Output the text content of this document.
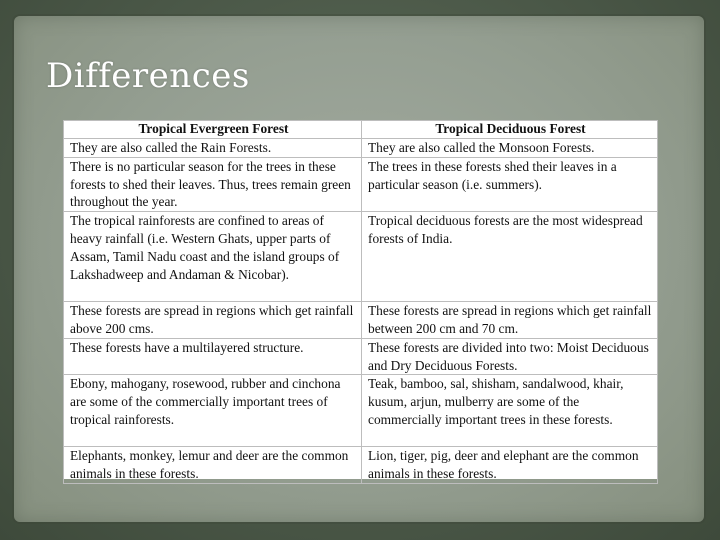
Differences
Tropical Evergreen Forest	Tropical Deciduous Forest
They are also called the Rain Forests.	They are also called the Monsoon Forests.
There is no particular season for the trees in these forests to shed their leaves. Thus, trees remain green throughout the year.	The trees in these forests shed their leaves in a particular season (i.e. summers).
The tropical rainforests are confined to areas of heavy rainfall (i.e. Western Ghats, upper parts of Assam, Tamil Nadu coast and the island groups of Lakshadweep and Andaman & Nicobar).	Tropical deciduous forests are the most widespread forests of India.
These forests are spread in regions which get rainfall above 200 cms.	These forests are spread in regions which get rainfall between 200 cm and 70 cm.
These forests have a multilayered structure.	These forests are divided into two: Moist Deciduous and Dry Deciduous Forests.
Ebony, mahogany, rosewood, rubber and cinchona are some of the commercially important trees of tropical rainforests.	Teak, bamboo, sal, shisham, sandalwood, khair, kusum, arjun, mulberry are some of the commercially important trees in these forests.
Elephants, monkey, lemur and deer are the common animals in these forests.	Lion, tiger, pig, deer and elephant are the common animals in these forests.
